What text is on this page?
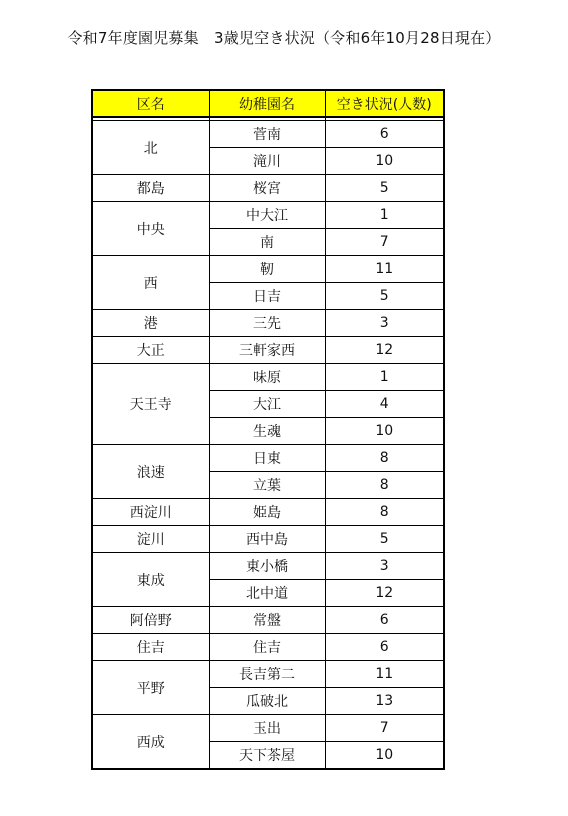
令和7年度園児募集　3歳児空き状況（令和6年10月28日現在）
区名	幼稚園名	空き状況(人数)

北	菅南	6
	滝川	10
都島	桜宮	5
中央	中大江	1
	南	7
西	靭	11
	日吉	5
港	三先	3
大正	三軒家西	12
天王寺	味原	1
	大江	4
	生魂	10
浪速	日東	8
	立葉	8
西淀川	姫島	8
淀川	西中島	5
東成	東小橋	3
	北中道	12
阿倍野	常盤	6
住吉	住吉	6
平野	長吉第二	11
	瓜破北	13
西成	玉出	7
	天下茶屋	10
